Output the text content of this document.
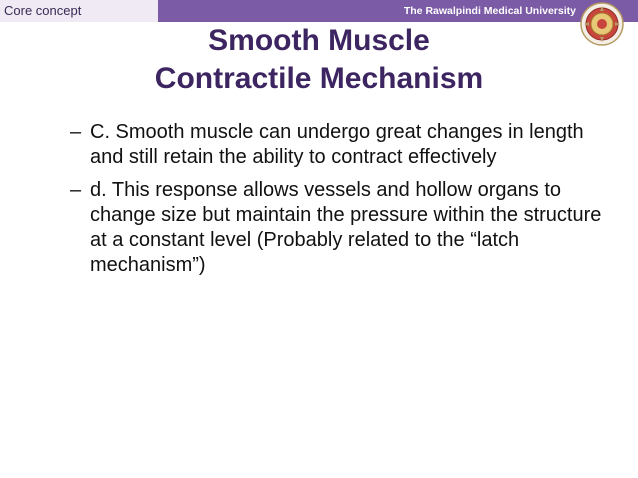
Core concept	The Rawalpindi Medical University
Smooth Muscle
Contractile Mechanism
– C. Smooth muscle can undergo great changes in length and still retain the ability to contract effectively
– d. This response allows vessels and hollow organs to change size but maintain the pressure within the structure at a constant level (Probably related to the “latch mechanism”)
